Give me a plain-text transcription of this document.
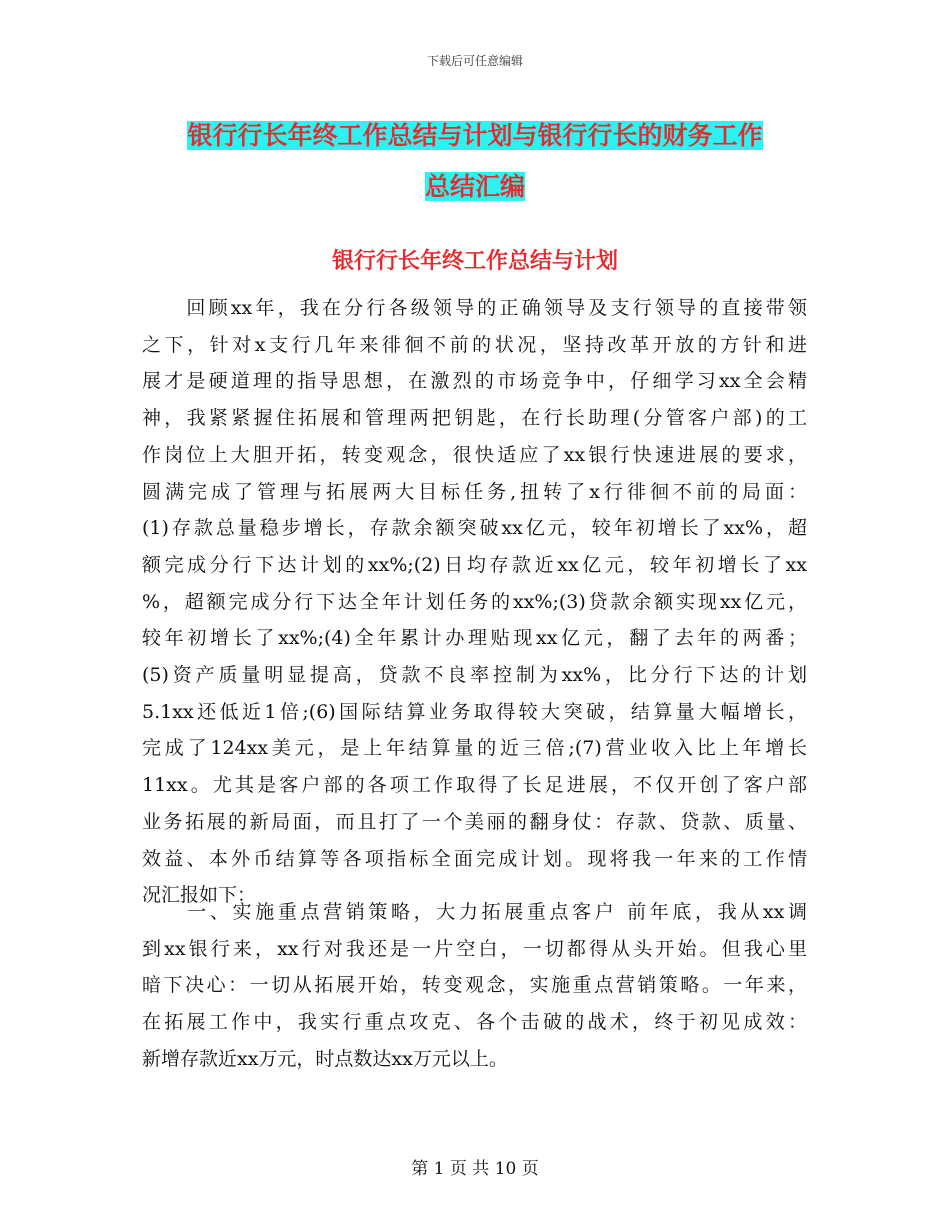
下载后可任意编辑
银行行长年终工作总结与计划与银行行长的财务工作
总结汇编
银行行长年终工作总结与计划
　　回顾xx年，我在分行各级领导的正确领导及支行领导的直接带领
之下，针对x支行几年来徘徊不前的状况，坚持改革开放的方针和进
展才是硬道理的指导思想，在激烈的市场竞争中，仔细学习xx全会精
神，我紧紧握住拓展和管理两把钥匙，在行长助理(分管客户部)的工
作岗位上大胆开拓，转变观念，很快适应了xx银行快速进展的要求，
圆满完成了管理与拓展两大目标任务,扭转了x行徘徊不前的局面：
(1)存款总量稳步增长，存款余额突破xx亿元，较年初增长了xx%，超
额完成分行下达计划的xx%;(2)日均存款近xx亿元，较年初增长了xx
%，超额完成分行下达全年计划任务的xx%;(3)贷款余额实现xx亿元，
较年初增长了xx%;(4)全年累计办理贴现xx亿元，翻了去年的两番；
(5)资产质量明显提高，贷款不良率控制为xx%，比分行下达的计划
5.1xx还低近1倍;(6)国际结算业务取得较大突破，结算量大幅增长，
完成了124xx美元，是上年结算量的近三倍;(7)营业收入比上年增长
11xx。尤其是客户部的各项工作取得了长足进展，不仅开创了客户部
业务拓展的新局面，而且打了一个美丽的翻身仗：存款、贷款、质量、
效益、本外币结算等各项指标全面完成计划。现将我一年来的工作情
况汇报如下：
　　一、实施重点营销策略，大力拓展重点客户 前年底，我从xx调
到xx银行来，xx行对我还是一片空白，一切都得从头开始。但我心里
暗下决心：一切从拓展开始，转变观念，实施重点营销策略。一年来，
在拓展工作中，我实行重点攻克、各个击破的战术，终于初见成效：
新增存款近xx万元，时点数达xx万元以上。
第 1 页 共 10 页
